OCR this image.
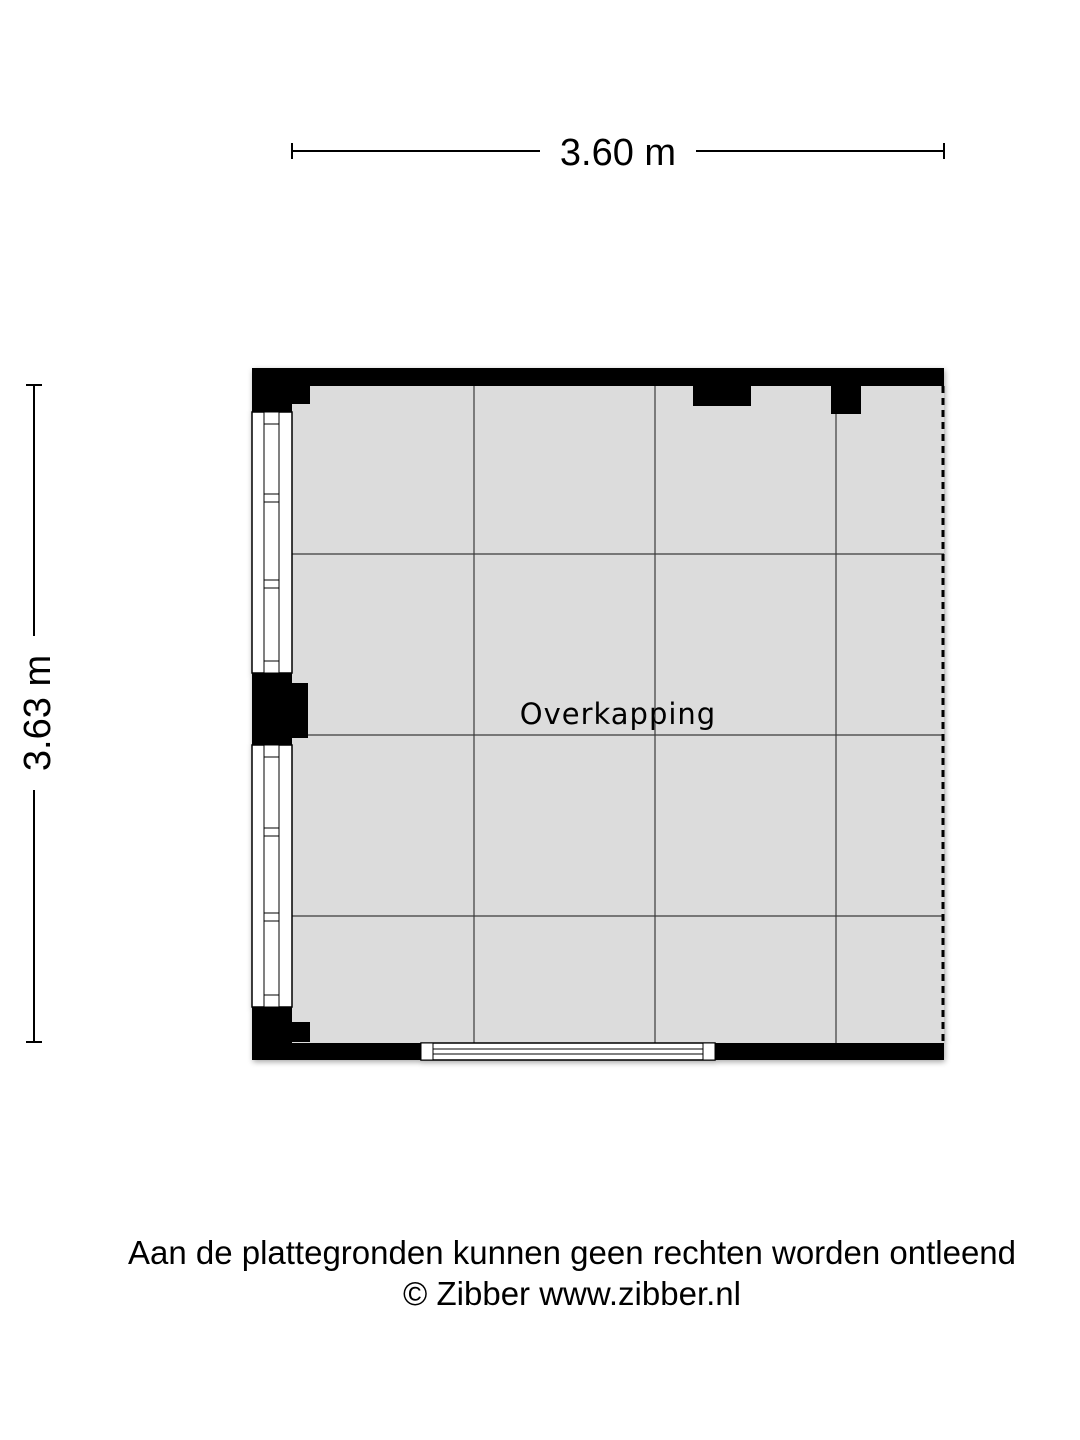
3.60 m
3.63 m	Overkapping

Aan de plattegronden kunnen geen rechten worden ontleend

© Zibber www.zibber.nl
